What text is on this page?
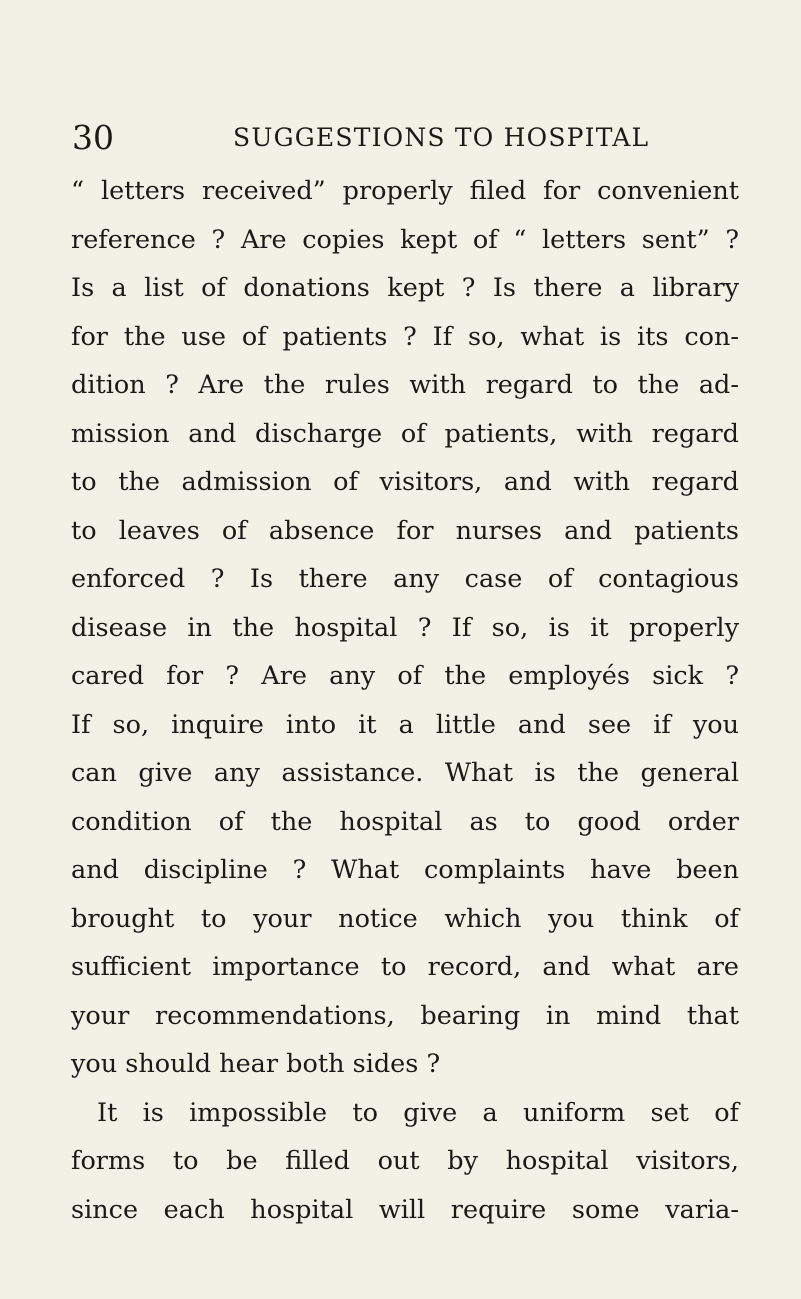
30	SUGGESTIONS TO HOSPITAL
“ letters received” properly filed for convenient
reference ? Are copies kept of “ letters sent” ?
Is a list of donations kept ? Is there a library
for the use of patients ? If so, what is its con-
dition ? Are the rules with regard to the ad-
mission and discharge of patients, with regard
to the admission of visitors, and with regard
to leaves of absence for nurses and patients
enforced ? Is there any case of contagious
disease in the hospital ? If so, is it properly
cared for ? Are any of the employés sick ?
If so, inquire into it a little and see if you
can give any assistance. What is the general
condition of the hospital as to good order
and discipline ? What complaints have been
brought to your notice which you think of
sufficient importance to record, and what are
your recommendations, bearing in mind that
you should hear both sides ?
It is impossible to give a uniform set of
forms to be filled out by hospital visitors,
since each hospital will require some varia-
